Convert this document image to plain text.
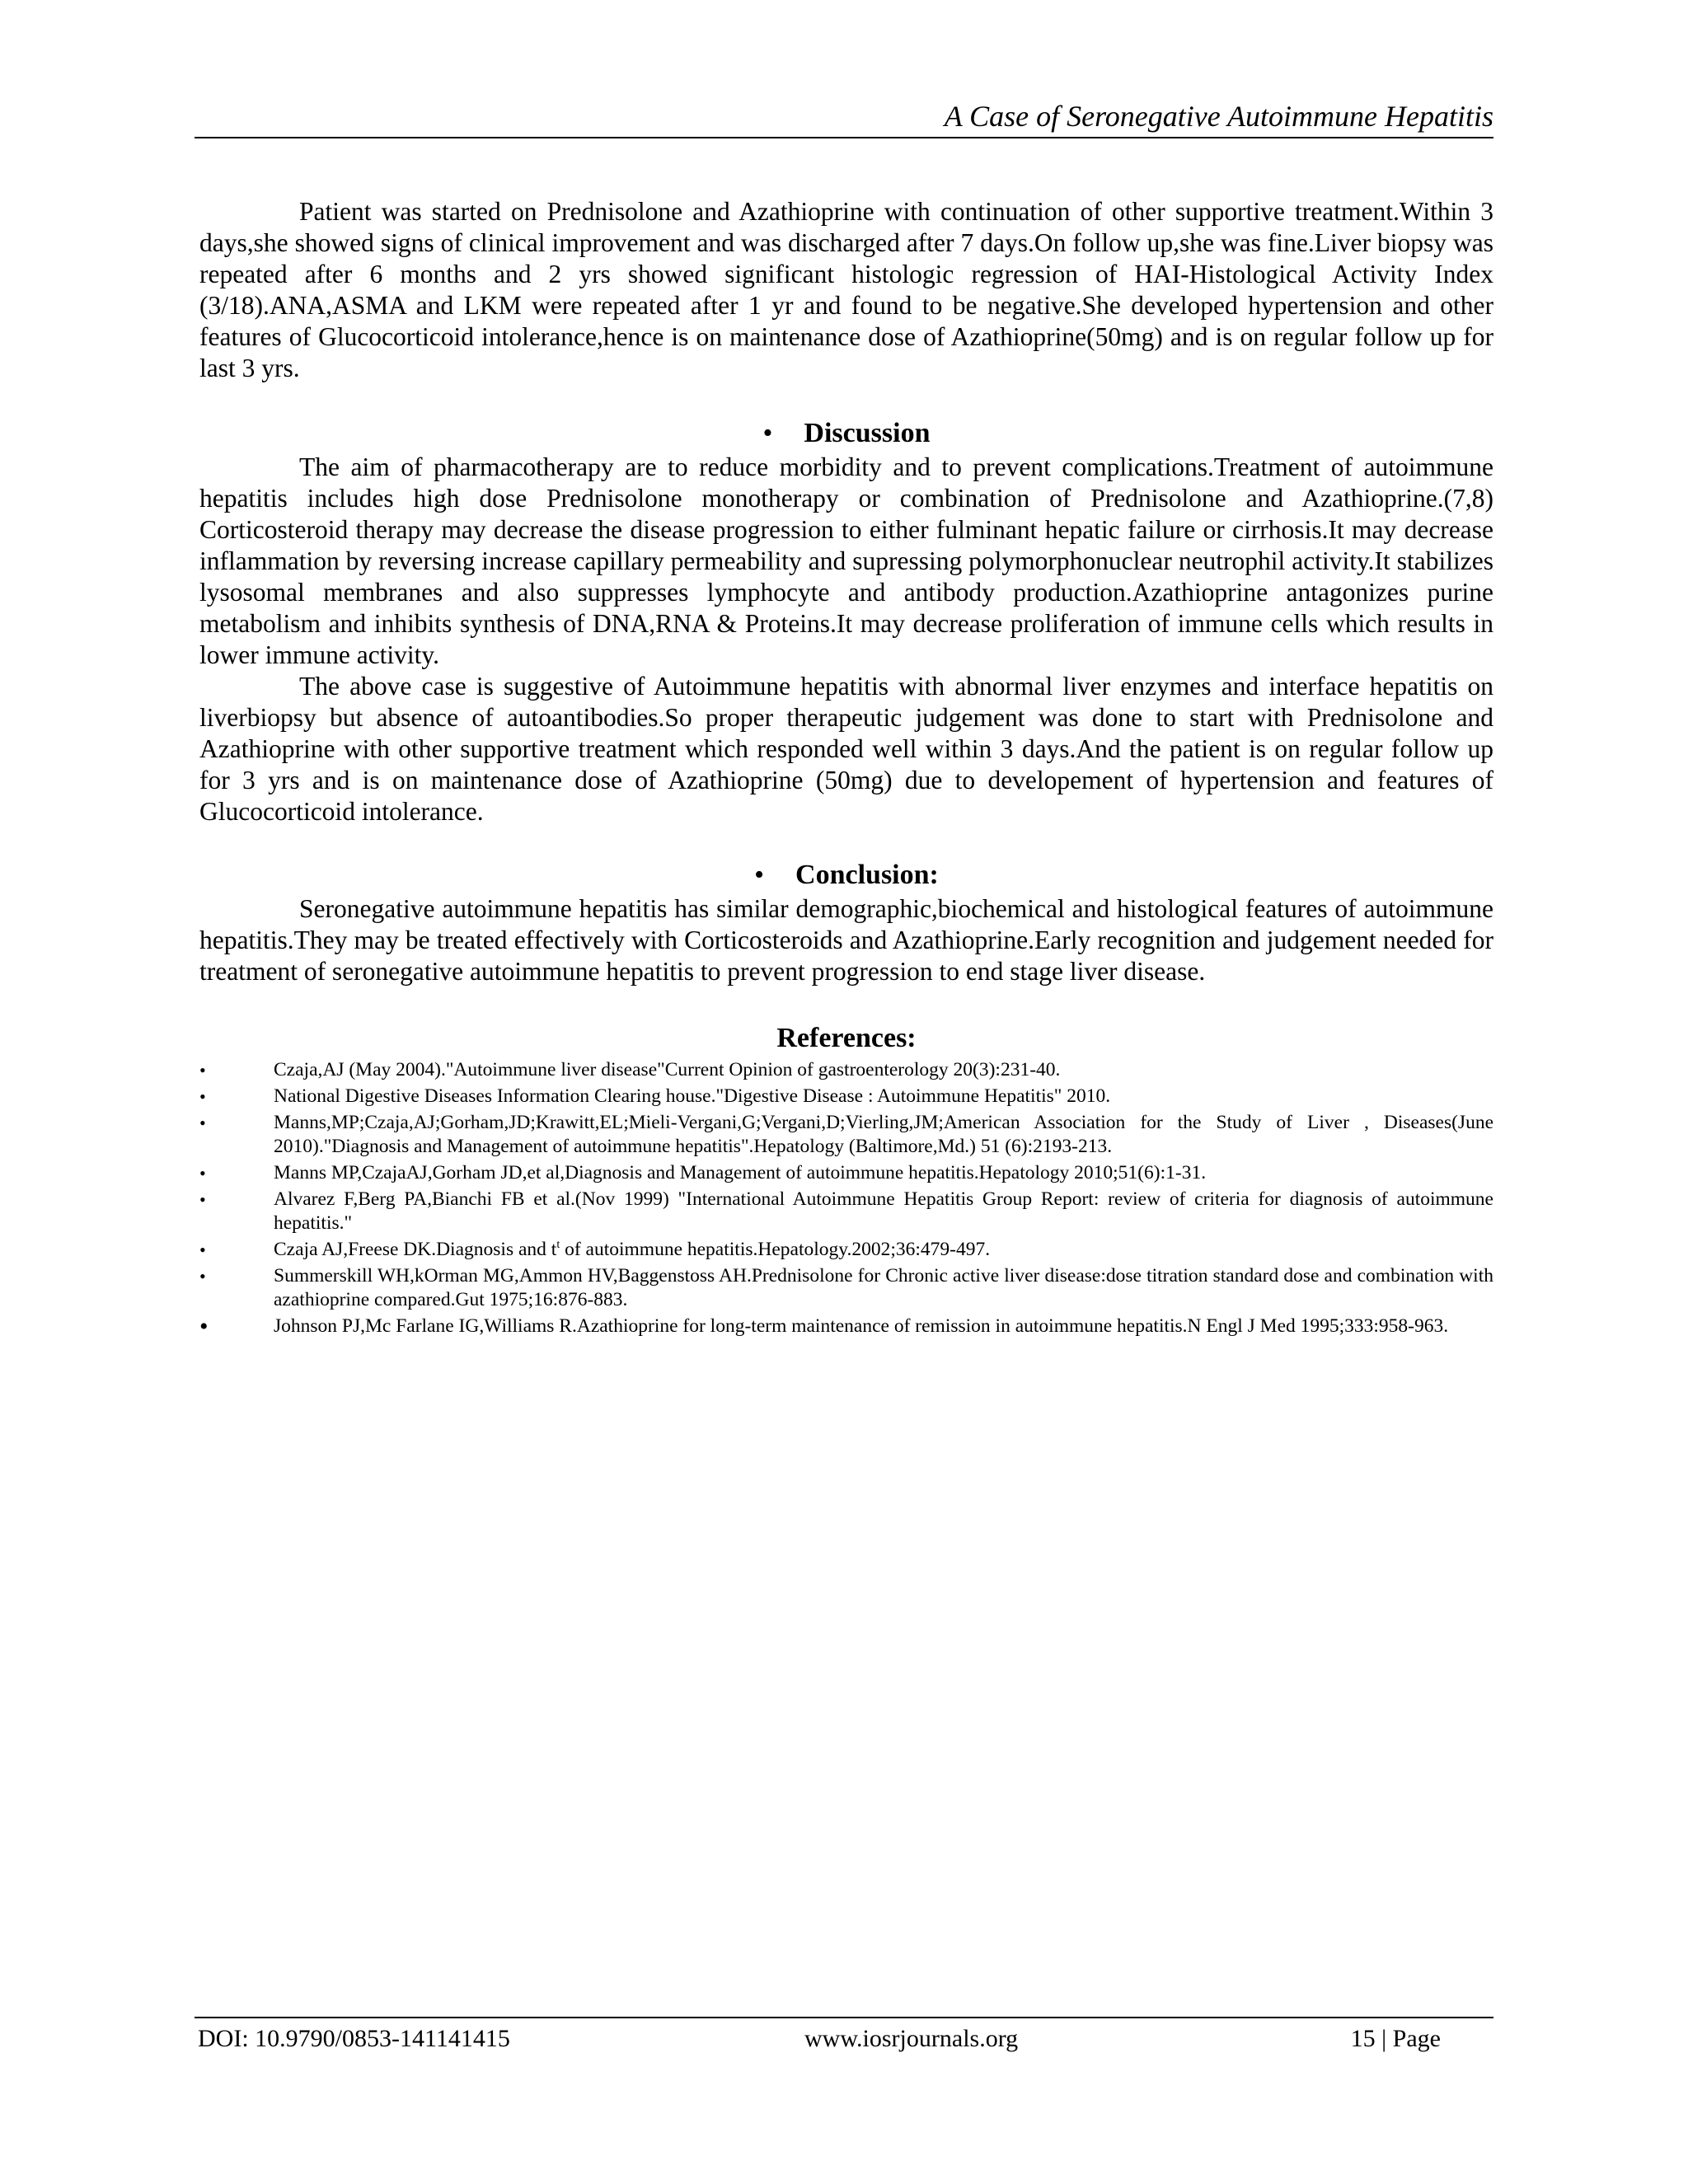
A Case of Seronegative Autoimmune Hepatitis

Patient was started on Prednisolone and Azathioprine with continuation of other supportive treatment.Within 3 days,she showed signs of clinical improvement and was discharged after 7 days.On follow up,she was fine.Liver biopsy was repeated after 6 months and 2 yrs showed significant histologic regression of HAI-Histological Activity Index (3/18).ANA,ASMA and LKM were repeated after 1 yr and found to be negative.She developed hypertension and other features of Glucocorticoid intolerance,hence is on maintenance dose of Azathioprine(50mg) and is on regular follow up for last 3 yrs.

• Discussion

The aim of pharmacotherapy are to reduce morbidity and to prevent complications.Treatment of autoimmune hepatitis includes high dose Prednisolone monotherapy or combination of Prednisolone and Azathioprine.(7,8) Corticosteroid therapy may decrease the disease progression to either fulminant hepatic failure or cirrhosis.It may decrease inflammation by reversing increase capillary permeability and supressing polymorphonuclear neutrophil activity.It stabilizes lysosomal membranes and also suppresses lymphocyte and antibody production.Azathioprine antagonizes purine metabolism and inhibits synthesis of DNA,RNA & Proteins.It may decrease proliferation of immune cells which results in lower immune activity.

The above case is suggestive of Autoimmune hepatitis with abnormal liver enzymes and interface hepatitis on liverbiopsy but absence of autoantibodies.So proper therapeutic judgement was done to start with Prednisolone and Azathioprine with other supportive treatment which responded well within 3 days.And the patient is on regular follow up for 3 yrs and is on maintenance dose of Azathioprine (50mg) due to developement of hypertension and features of Glucocorticoid intolerance.

• Conclusion:

Seronegative autoimmune hepatitis has similar demographic,biochemical and histological features of autoimmune hepatitis.They may be treated effectively with Corticosteroids and Azathioprine.Early recognition and judgement needed for treatment of seronegative autoimmune hepatitis to prevent progression to end stage liver disease.

References:
•	Czaja,AJ (May 2004)."Autoimmune liver disease"Current Opinion of gastroenterology 20(3):231-40.
•	National Digestive Diseases Information Clearing house."Digestive Disease : Autoimmune Hepatitis" 2010.
•	Manns,MP;Czaja,AJ;Gorham,JD;Krawitt,EL;Mieli-Vergani,G;Vergani,D;Vierling,JM;American Association for the Study of Liver , Diseases(June 2010)."Diagnosis and Management of autoimmune hepatitis".Hepatology (Baltimore,Md.) 51 (6):2193-213.
•	Manns MP,CzajaAJ,Gorham JD,et al,Diagnosis and Management of autoimmune hepatitis.Hepatology 2010;51(6):1-31.
•	Alvarez F,Berg PA,Bianchi FB et al.(Nov 1999) "International Autoimmune Hepatitis Group Report: review of criteria for diagnosis of autoimmune hepatitis."
•	Czaja AJ,Freese DK.Diagnosis and $t^t$ of autoimmune hepatitis.Hepatology.2002;36:479-497.
•	Summerskill WH,kOrman MG,Ammon HV,Baggenstoss AH.Prednisolone for Chronic active liver disease:dose titration standard dose and combination with azathioprine compared.Gut 1975;16:876-883.
•	Johnson PJ,Mc Farlane IG,Williams R.Azathioprine for long-term maintenance of remission in autoimmune hepatitis.N Engl J Med 1995;333:958-963.
DOI: 10.9790/0853-141141415	www.iosrjournals.org	15 | Page
